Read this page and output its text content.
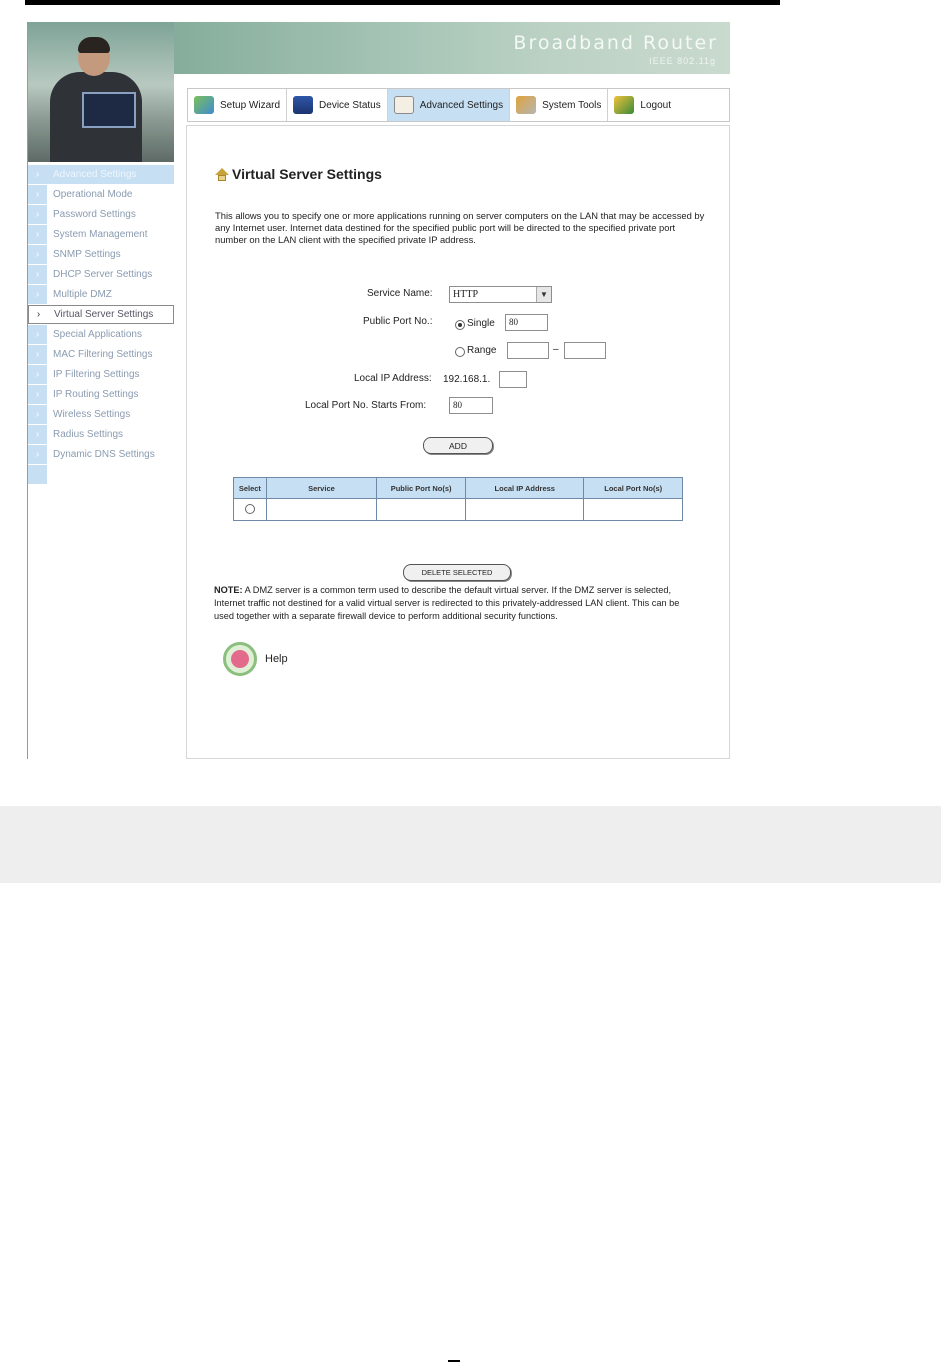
Broadband Router
IEEE 802.11g
›	Advanced Settings
›	Operational Mode
›	Password Settings
›	System Management
›	SNMP Settings
›	DHCP Server Settings
›	Multiple DMZ
›	Virtual Server Settings
›	Special Applications
›	MAC Filtering Settings
›	IP Filtering Settings
›	IP Routing Settings
›	Wireless Settings
›	Radius Settings
›	Dynamic DNS Settings
Setup Wizard	Device Status	Advanced Settings	System Tools	Logout
Virtual Server Settings
This allows you to specify one or more applications running on server computers on the LAN that may be accessed by any Internet user. Internet data destined for the specified public port will be directed to the specified private port number on the LAN client with the specified private IP address.
Service Name:	HTTP	▼
Public Port No.:	Single	80
Range	–
Local IP Address: 192.168.1.
Local Port No. Starts From:	80
ADD
Select	Service	Public Port No(s)	Local IP Address	Local Port No(s)

DELETE SELECTED
NOTE: A DMZ server is a common term used to describe the default virtual server. If the DMZ server is selected, Internet traffic not destined for a valid virtual server is redirected to this privately-addressed LAN client. This can be used together with a separate firewall device to perform additional security functions.
Help
